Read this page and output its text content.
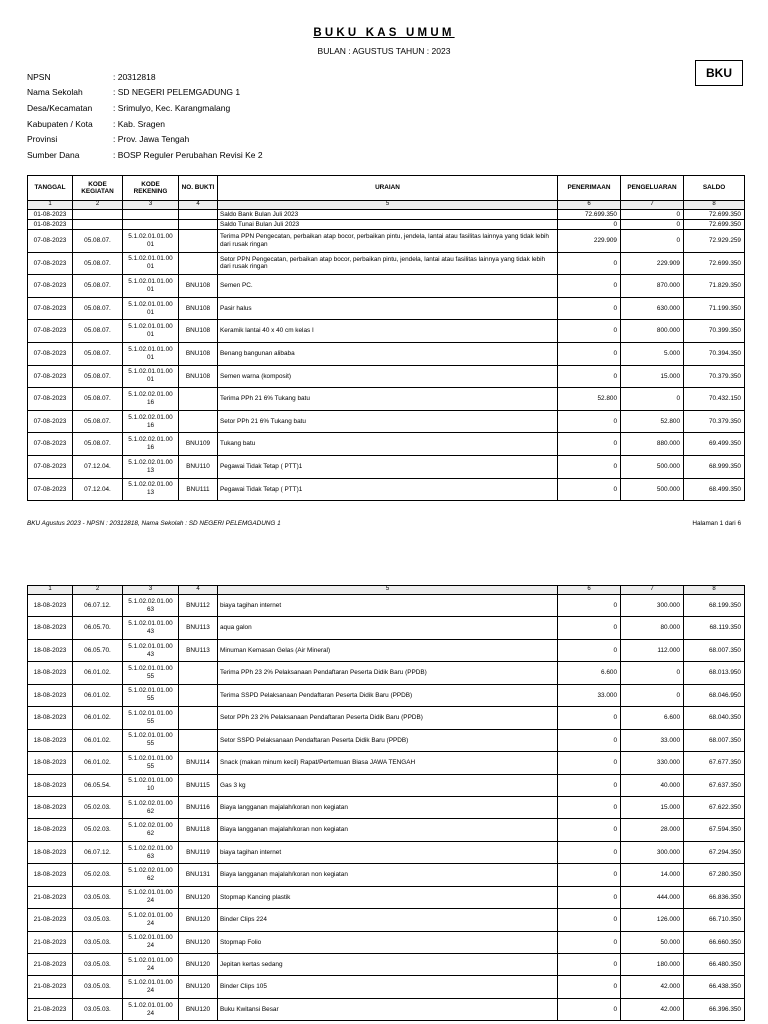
BUKU KAS UMUM
BULAN : AGUSTUS TAHUN : 2023
BKU
NPSN	: 20312818
Nama Sekolah	: SD NEGERI PELEMGADUNG 1
Desa/Kecamatan	: Srimulyo, Kec. Karangmalang
Kabupaten / Kota	: Kab. Sragen
Provinsi	: Prov. Jawa Tengah
Sumber Dana	: BOSP Reguler Perubahan Revisi Ke 2
TANGGAL	KODE KEGIATAN	KODE REKENING	NO. BUKTI	URAIAN	PENERIMAAN	PENGELUARAN	SALDO
1	2	3	4	5	6	7	8
01-08-2023				Saldo Bank Bulan Juli 2023	72.699.350	0	72.699.350
01-08-2023				Saldo Tunai Bulan Juli 2023	0	0	72.699.350
07-08-2023	05.08.07.	5.1.02.01.01.00 01		Terima PPN Pengecatan, perbaikan atap bocor, perbaikan pintu, jendela, lantai atau fasilitas lainnya yang tidak lebih dari rusak ringan	229.909	0	72.929.259
07-08-2023	05.08.07.	5.1.02.01.01.00 01		Setor PPN Pengecatan, perbaikan atap bocor, perbaikan pintu, jendela, lantai atau fasilitas lainnya yang tidak lebih dari rusak ringan	0	229.909	72.699.350
07-08-2023	05.08.07.	5.1.02.01.01.00 01	BNU108	Semen PC.	0	870.000	71.829.350
07-08-2023	05.08.07.	5.1.02.01.01.00 01	BNU108	Pasir halus	0	630.000	71.199.350
07-08-2023	05.08.07.	5.1.02.01.01.00 01	BNU108	Keramik lantai 40 x 40 cm kelas I	0	800.000	70.399.350
07-08-2023	05.08.07.	5.1.02.01.01.00 01	BNU108	Benang bangunan alibaba	0	5.000	70.394.350
07-08-2023	05.08.07.	5.1.02.01.01.00 01	BNU108	Semen warna (komposit)	0	15.000	70.379.350
07-08-2023	05.08.07.	5.1.02.02.01.00 16		Terima PPh 21 6% Tukang batu	52.800	0	70.432.150
07-08-2023	05.08.07.	5.1.02.02.01.00 16		Setor PPh 21 6% Tukang batu	0	52.800	70.379.350
07-08-2023	05.08.07.	5.1.02.02.01.00 16	BNU109	Tukang batu	0	880.000	69.499.350
07-08-2023	07.12.04.	5.1.02.02.01.00 13	BNU110	Pegawai Tidak Tetap ( PTT)1	0	500.000	68.999.350
07-08-2023	07.12.04.	5.1.02.02.01.00 13	BNU111	Pegawai Tidak Tetap ( PTT)1	0	500.000	68.499.350
BKU Agustus 2023 - NPSN : 20312818, Nama Sekolah : SD NEGERI PELEMGADUNG 1	Halaman 1 dari 6
1	2	3	4	5	6	7	8
18-08-2023	06.07.12.	5.1.02.02.01.00 63	BNU112	biaya tagihan internet	0	300.000	68.199.350
18-08-2023	06.05.70.	5.1.02.01.01.00 43	BNU113	aqua galon	0	80.000	68.119.350
18-08-2023	06.05.70.	5.1.02.01.01.00 43	BNU113	Minuman Kemasan Gelas (Air Mineral)	0	112.000	68.007.350
18-08-2023	06.01.02.	5.1.02.01.01.00 55		Terima PPh 23 2% Pelaksanaan Pendaftaran Peserta Didik Baru (PPDB)	6.600	0	68.013.950
18-08-2023	06.01.02.	5.1.02.01.01.00 55		Terima SSPD Pelaksanaan Pendaftaran Peserta Didik Baru (PPDB)	33.000	0	68.046.950
18-08-2023	06.01.02.	5.1.02.01.01.00 55		Setor PPh 23 2% Pelaksanaan Pendaftaran Peserta Didik Baru (PPDB)	0	6.600	68.040.350
18-08-2023	06.01.02.	5.1.02.01.01.00 55		Setor SSPD Pelaksanaan Pendaftaran Peserta Didik Baru (PPDB)	0	33.000	68.007.350
18-08-2023	06.01.02.	5.1.02.01.01.00 55	BNU114	Snack (makan minum kecil) Rapat/Pertemuan Biasa JAWA TENGAH	0	330.000	67.677.350
18-08-2023	06.05.54.	5.1.02.01.01.00 10	BNU115	Gas 3 kg	0	40.000	67.637.350
18-08-2023	05.02.03.	5.1.02.02.01.00 62	BNU116	Biaya langganan majalah/koran non kegiatan	0	15.000	67.622.350
18-08-2023	05.02.03.	5.1.02.02.01.00 62	BNU118	Biaya langganan majalah/koran non kegiatan	0	28.000	67.594.350
18-08-2023	06.07.12.	5.1.02.02.01.00 63	BNU119	biaya tagihan internet	0	300.000	67.294.350
18-08-2023	05.02.03.	5.1.02.02.01.00 62	BNU131	Biaya langganan majalah/koran non kegiatan	0	14.000	67.280.350
21-08-2023	03.05.03.	5.1.02.01.01.00 24	BNU120	Stopmap Kancing plastik	0	444.000	66.836.350
21-08-2023	03.05.03.	5.1.02.01.01.00 24	BNU120	Binder Clips 224	0	126.000	66.710.350
21-08-2023	03.05.03.	5.1.02.01.01.00 24	BNU120	Stopmap Folio	0	50.000	66.660.350
21-08-2023	03.05.03.	5.1.02.01.01.00 24	BNU120	Jepitan kertas sedang	0	180.000	66.480.350
21-08-2023	03.05.03.	5.1.02.01.01.00 24	BNU120	Binder Clips 105	0	42.000	66.438.350
21-08-2023	03.05.03.	5.1.02.01.01.00 24	BNU120	Buku Kwitansi Besar	0	42.000	66.396.350
